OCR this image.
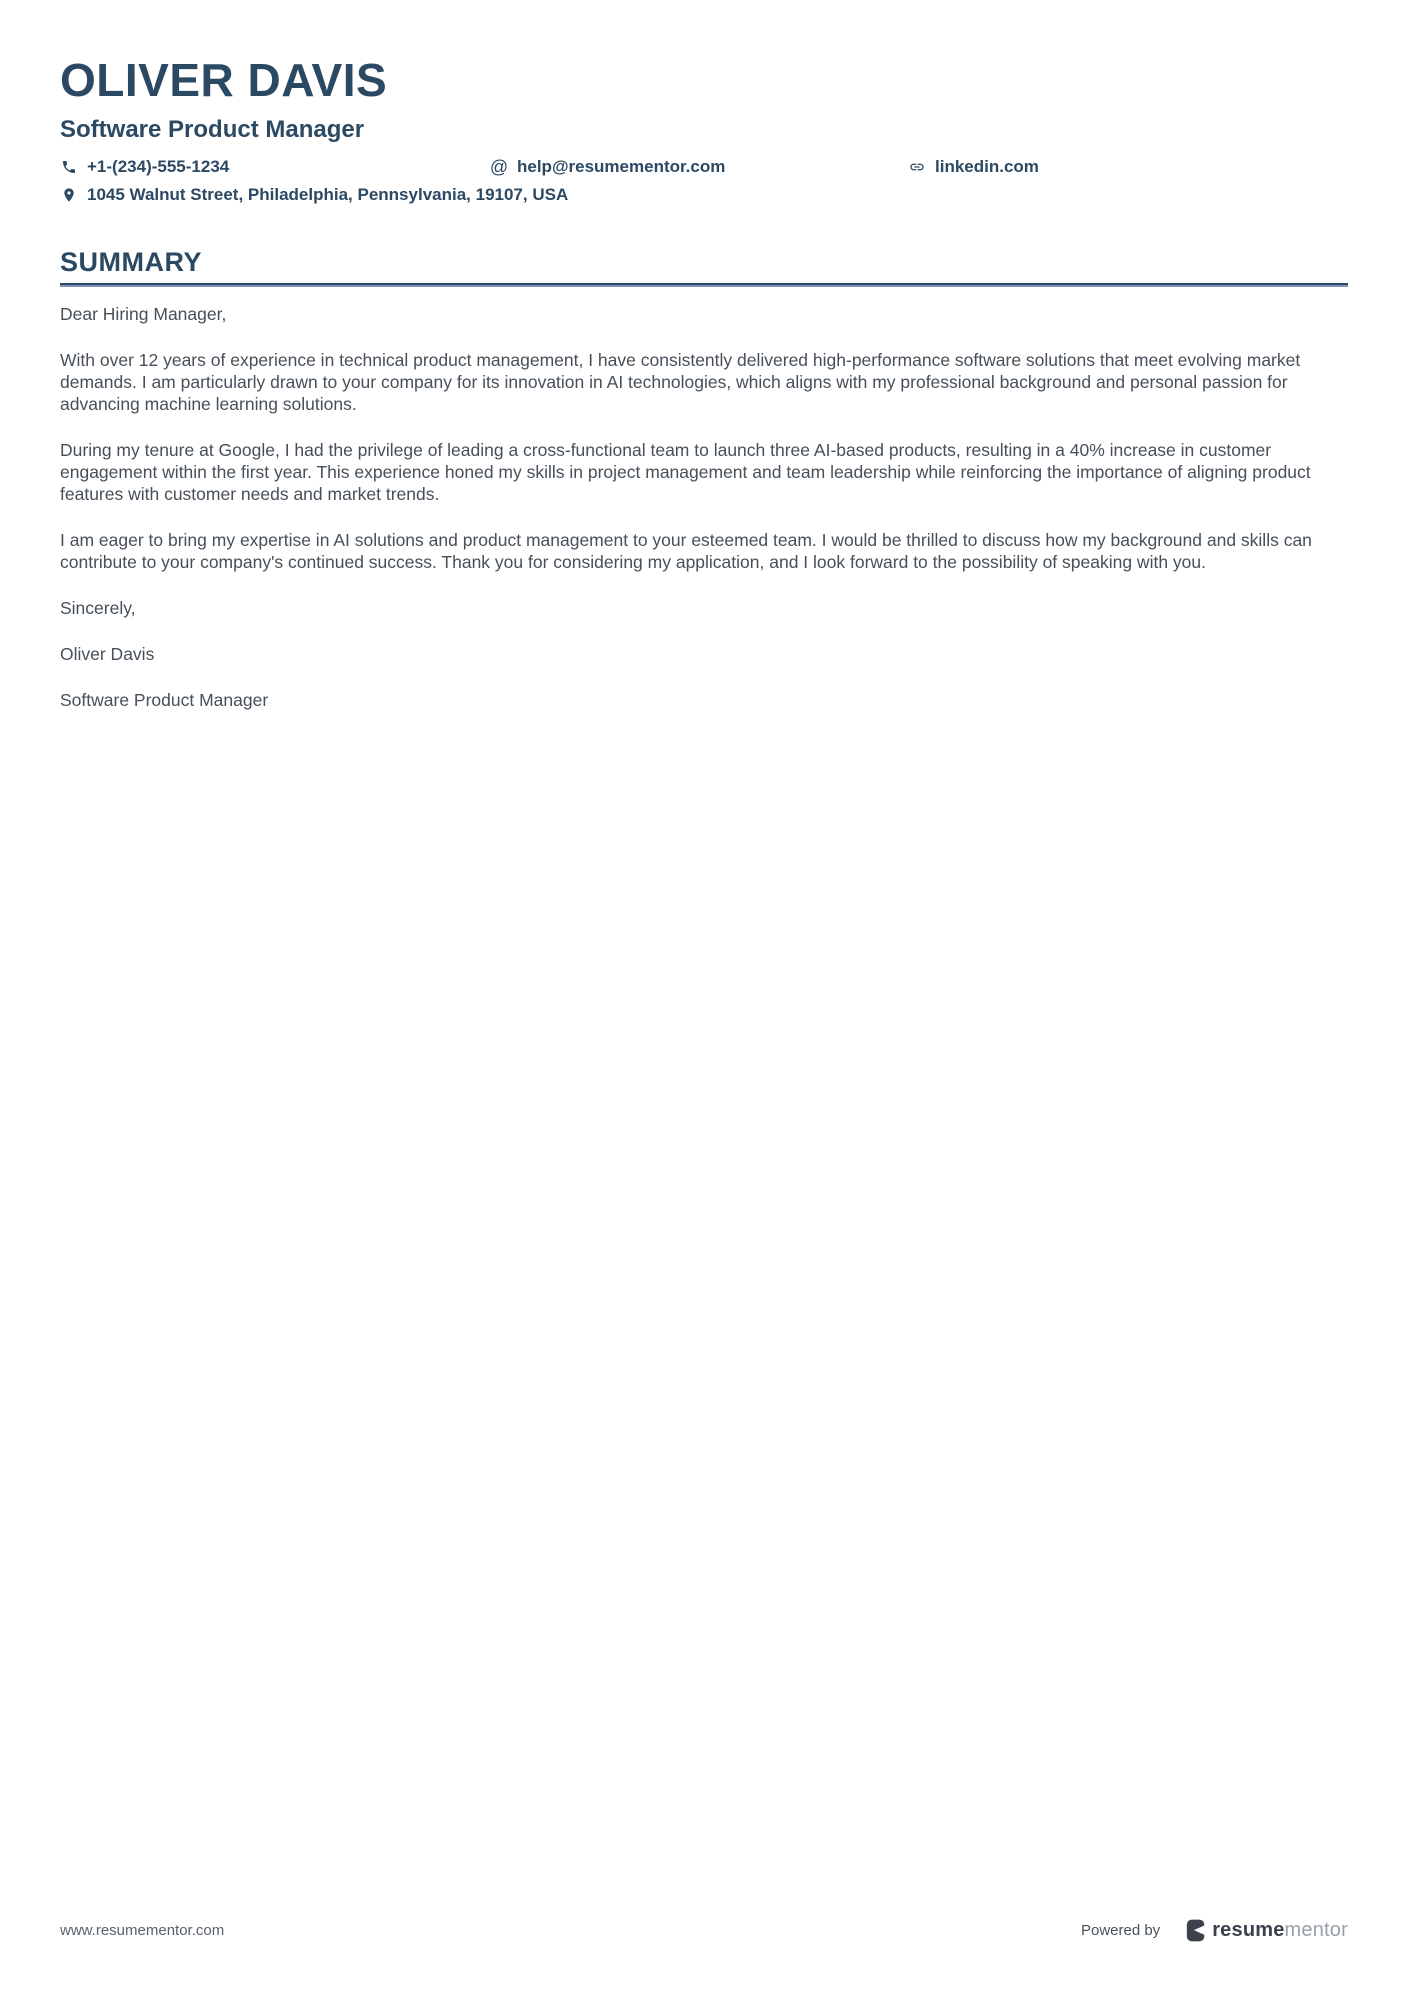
OLIVER DAVIS
Software Product Manager
+1-(234)-555-1234	@ help@resumementor.com	linkedin.com
1045 Walnut Street, Philadelphia, Pennsylvania, 19107, USA
SUMMARY

Dear Hiring Manager,

With over 12 years of experience in technical product management, I have consistently delivered high-performance software solutions that meet evolving market demands. I am particularly drawn to your company for its innovation in AI technologies, which aligns with my professional background and personal passion for advancing machine learning solutions.

During my tenure at Google, I had the privilege of leading a cross-functional team to launch three AI-based products, resulting in a 40% increase in customer engagement within the first year. This experience honed my skills in project management and team leadership while reinforcing the importance of aligning product features with customer needs and market trends.

I am eager to bring my expertise in AI solutions and product management to your esteemed team. I would be thrilled to discuss how my background and skills can contribute to your company's continued success. Thank you for considering my application, and I look forward to the possibility of speaking with you.

Sincerely,

Oliver Davis

Software Product Manager

www.resumementor.com	Powered by	resumementor
